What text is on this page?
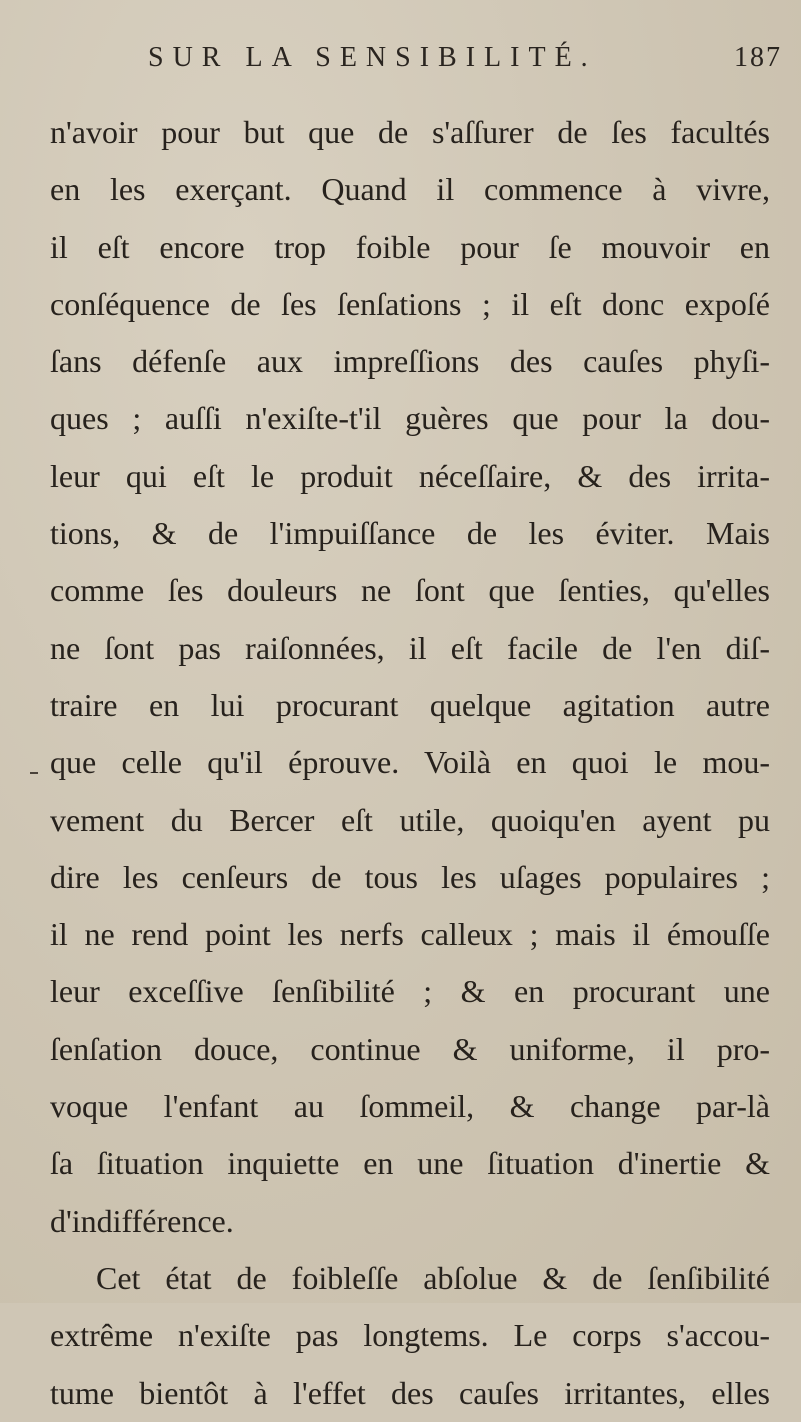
SUR LA SENSIBILITÉ.	187
n'avoir pour but que de s'aſſurer de ſes facultés
en les exerçant. Quand il commence à vivre,
il eſt encore trop foible pour ſe mouvoir en
conſéquence de ſes ſenſations ; il eſt donc expoſé
ſans défenſe aux impreſſions des cauſes phyſi-
ques ; auſſi n'exiſte-t'il guères que pour la dou-
leur qui eſt le produit néceſſaire, & des irrita-
tions, & de l'impuiſſance de les éviter. Mais
comme ſes douleurs ne ſont que ſenties, qu'elles
ne ſont pas raiſonnées, il eſt facile de l'en diſ-
traire en lui procurant quelque agitation autre
que celle qu'il éprouve. Voilà en quoi le mou-
vement du Bercer eſt utile, quoiqu'en ayent pu
dire les cenſeurs de tous les uſages populaires ;
il ne rend point les nerfs calleux ; mais il émouſſe
leur exceſſive ſenſibilité ; & en procurant une
ſenſation douce, continue & uniforme, il pro-
voque l'enfant au ſommeil, & change par-là
ſa ſituation inquiette en une ſituation d'inertie &
d'indifférence.
Cet état de foibleſſe abſolue & de ſenſibilité
extrême n'exiſte pas longtems. Le corps s'accou-
tume bientôt à l'effet des cauſes irritantes, elles
